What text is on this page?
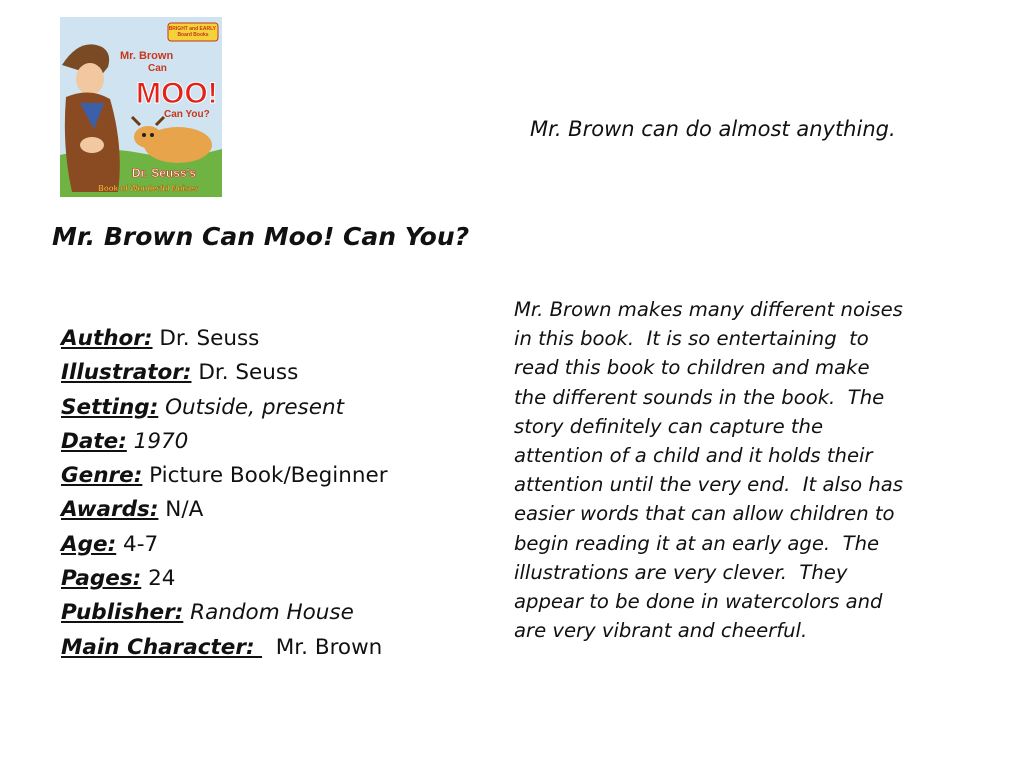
BRIGHT and EARLY Board Books
Mr. Brown
Can
MOO!
Can You?
Dr. Seuss's
Book of Wonderful Noises
Mr. Brown can do almost anything.
Mr. Brown Can Moo! Can You?
Author: Dr. Seuss
Illustrator: Dr. Seuss
Setting: Outside, present
Date: 1970
Genre: Picture Book/Beginner
Awards: N/A
Age: 4-7
Pages: 24
Publisher: Random House
Main Character:   Mr. Brown
Mr. Brown makes many different noises
in this book.  It is so entertaining  to
read this book to children and make
the different sounds in the book.  The
story definitely can capture the
attention of a child and it holds their
attention until the very end.  It also has
easier words that can allow children to
begin reading it at an early age.  The
illustrations are very clever.  They
appear to be done in watercolors and
are very vibrant and cheerful.
